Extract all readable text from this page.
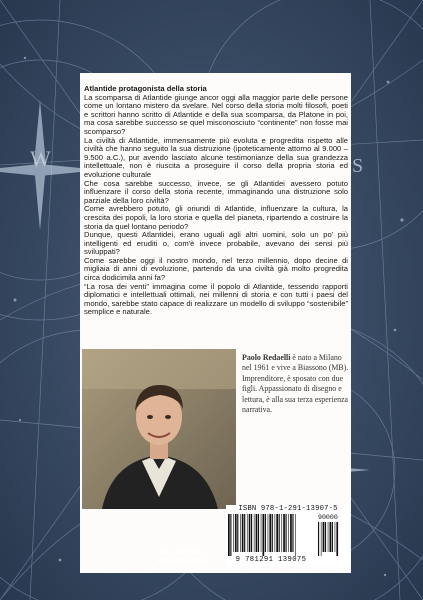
W	S
Atlantide protagonista della storia

La scomparsa di Atlantide giunge ancor oggi alla maggior parte delle persone come un lontano mistero da svelare. Nel corso della storia molti filosofi, poeti e scrittori hanno scritto di Atlantide e della sua scomparsa, da Platone in poi, ma cosa sarebbe successo se quel misconosciuto “continente” non fosse mai scomparso?

La civiltà di Atlantide, immensamente più evoluta e progredita rispetto alle civiltà che hanno seguito la sua distruzione (ipoteticamente attorno al 9.000 – 9.500 a.C.), pur avendo lasciato alcune testimonianze della sua grandezza intellettuale, non è riuscita a proseguire il corso della propria storia ed evoluzione culturale

Che cosa sarebbe successo, invece, se gli Atlantidei avessero potuto influenzare il corso della storia recente, immaginando una distruzione solo parziale della loro civiltà?

Come avrebbero potuto, gli oriundi di Atlantide, influenzare la cultura, la crescita dei popoli, la loro storia e quella del pianeta, ripartendo a costruire la storia da quel lontano periodo?

Dunque, questi Atlantidei, erano uguali agli altri uomini, solo un po' più intelligenti ed eruditi o, com'è invece probabile, avevano dei sensi più sviluppati?

Come sarebbe oggi il nostro mondo, nel terzo millennio, dopo decine di migliaia di anni di evoluzione, partendo da una civiltà già molto progredita circa dodicimila anni fa?

“La rosa dei venti” immagina come il popolo di Atlantide, tessendo rapporti diplomatici e intellettuali ottimali, nei millenni di storia e con tutti i paesi del mondo, sarebbe stato capace di realizzare un modello di sviluppo “sostenibile” semplice e naturale.

Paolo Redaelli è nato a Milano nel 1961 e vive a Biassono (MB). Imprenditore, è sposato con due figli. Appassionato di disegno e lettura, è alla sua terza esperienza narrativa.
ISBN 978-1-291-13907-5
90000
9 781291 139075
ID: 13311912
www.lulu.com
